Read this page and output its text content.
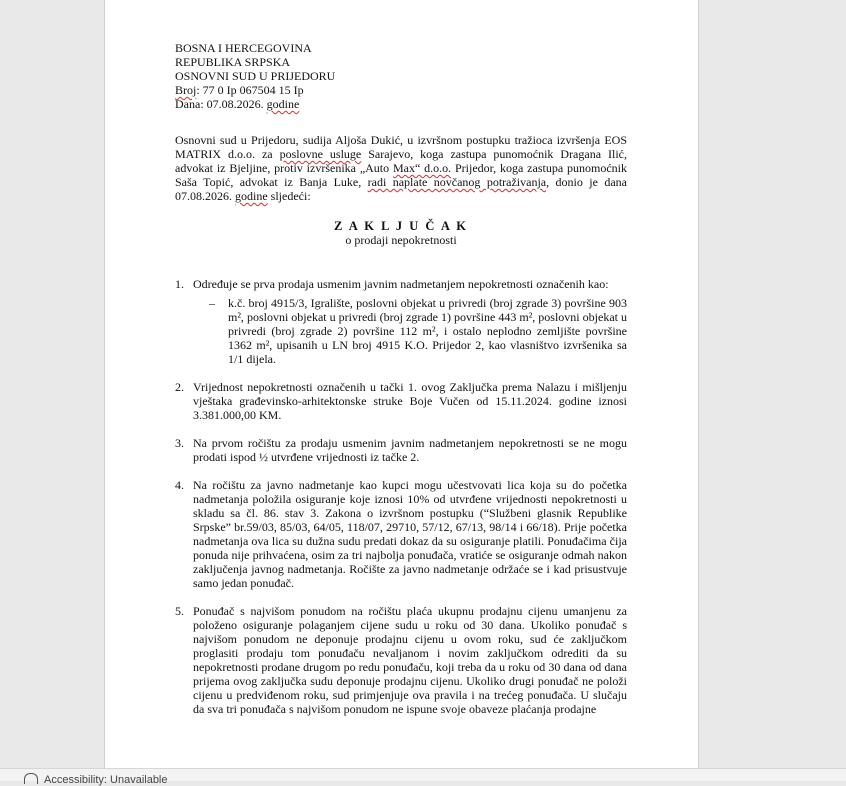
BOSNA I HERCEGOVINA
REPUBLIKA SRPSKA
OSNOVNI SUD U PRIJEDORU
Broj: 77 0 Ip 067504 15 Ip
Dana: 07.08.2026. godine
Osnovni sud u Prijedoru, sudija Aljoša Dukić, u izvršnom postupku tražioca izvršenja EOS MATRIX d.o.o. za poslovne usluge Sarajevo, koga zastupa punomoćnik Dragana Ilić, advokat iz Bjeljine, protiv izvršenika „Auto Max“ d.o.o. Prijedor, koga zastupa punomoćnik Saša Topić, advokat iz Banja Luke, radi naplate novčanog potraživanja, donio je dana 07.08.2026. godine sljedeći:
Z A K L J U Č A K
o prodaji nepokretnosti
1. Određuje se prva prodaja usmenim javnim nadmetanjem nepokretnosti označenih kao:
– k.č. broj 4915/3, Igralište, poslovni objekat u privredi (broj zgrade 3) površine 903 m², poslovni objekat u privredi (broj zgrade 1) površine 443 m², poslovni objekat u privredi (broj zgrade 2) površine 112 m², i ostalo neplodno zemljište površine 1362 m², upisanih u LN broj 4915 K.O. Prijedor 2, kao vlasništvo izvršenika sa 1/1 dijela.
2. Vrijednost nepokretnosti označenih u tački 1. ovog Zaključka prema Nalazu i mišljenju vještaka građevinsko-arhitektonske struke Boje Vučen od 15.11.2024. godine iznosi 3.381.000,00 KM.
3. Na prvom ročištu za prodaju usmenim javnim nadmetanjem nepokretnosti se ne mogu prodati ispod ½ utvrđene vrijednosti iz tačke 2.
4. Na ročištu za javno nadmetanje kao kupci mogu učestvovati lica koja su do početka nadmetanja položila osiguranje koje iznosi 10% od utvrđene vrijednosti nepokretnosti u skladu sa čl. 86. stav 3. Zakona o izvršnom postupku (“Službeni glasnik Republike Srpske” br.59/03, 85/03, 64/05, 118/07, 29710, 57/12, 67/13, 98/14 i 66/18). Prije početka nadmetanja ova lica su dužna sudu predati dokaz da su osiguranje platili. Ponuđačima čija ponuda nije prihvaćena, osim za tri najbolja ponuđača, vratiće se osiguranje odmah nakon zaključenja javnog nadmetanja. Ročište za javno nadmetanje održaće se i kad prisustvuje samo jedan ponuđač.
5. Ponuđač s najvišom ponudom na ročištu plaća ukupnu prodajnu cijenu umanjenu za položeno osiguranje polaganjem cijene sudu u roku od 30 dana. Ukoliko ponuđač s najvišom ponudom ne deponuje prodajnu cijenu u ovom roku, sud će zaključkom proglasiti prodaju tom ponuđaču nevaljanom i novim zaključkom odrediti da su nepokretnosti prodane drugom po redu ponuđaču, koji treba da u roku od 30 dana od dana prijema ovog zaključka sudu deponuje prodajnu cijenu. Ukoliko drugi ponuđač ne položi cijenu u predviđenom roku, sud primjenjuje ova pravila i na trećeg ponuđača. U slučaju da sva tri ponuđača s najvišom ponudom ne ispune svoje obaveze plaćanja prodajne
Accessibility: Unavailable
